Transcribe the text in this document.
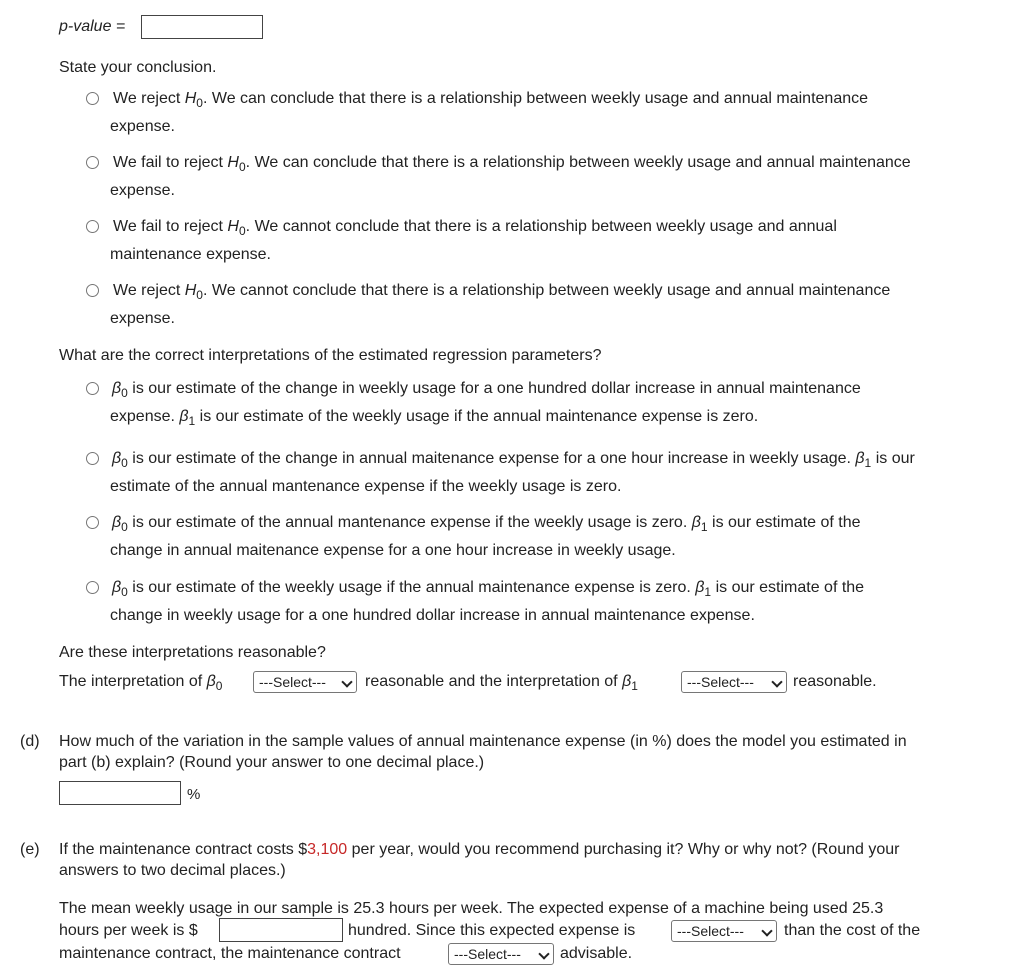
p-value =
State your conclusion.
We reject $H_0$. We can conclude that there is a relationship between weekly usage and annual maintenance
expense.
We fail to reject $H_0$. We can conclude that there is a relationship between weekly usage and annual maintenance
expense.
We fail to reject $H_0$. We cannot conclude that there is a relationship between weekly usage and annual
maintenance expense.
We reject $H_0$. We cannot conclude that there is a relationship between weekly usage and annual maintenance
expense.
What are the correct interpretations of the estimated regression parameters?
$\beta_0$ is our estimate of the change in weekly usage for a one hundred dollar increase in annual maintenance
expense. $\beta_1$ is our estimate of the weekly usage if the annual maintenance expense is zero.
$\beta_0$ is our estimate of the change in annual maitenance expense for a one hour increase in weekly usage. $\beta_1$ is our
estimate of the annual mantenance expense if the weekly usage is zero.
$\beta_0$ is our estimate of the annual mantenance expense if the weekly usage is zero. $\beta_1$ is our estimate of the
change in annual maitenance expense for a one hour increase in weekly usage.
$\beta_0$ is our estimate of the weekly usage if the annual maintenance expense is zero. $\beta_1$ is our estimate of the
change in weekly usage for a one hundred dollar increase in annual maintenance expense.
Are these interpretations reasonable?
The interpretation of $\beta_0$	---Select---	reasonable and the interpretation of $\beta_1$	---Select---	reasonable.
(d) How much of the variation in the sample values of annual maintenance expense (in %) does the model you estimated in
part (b) explain? (Round your answer to one decimal place.)
%
(e) If the maintenance contract costs $3,100 per year, would you recommend purchasing it? Why or why not? (Round your
answers to two decimal places.)
The mean weekly usage in our sample is 25.3 hours per week. The expected expense of a machine being used 25.3
hours per week is $	hundred. Since this expected expense is	---Select---	than the cost of the
maintenance contract, the maintenance contract	---Select---	advisable.
